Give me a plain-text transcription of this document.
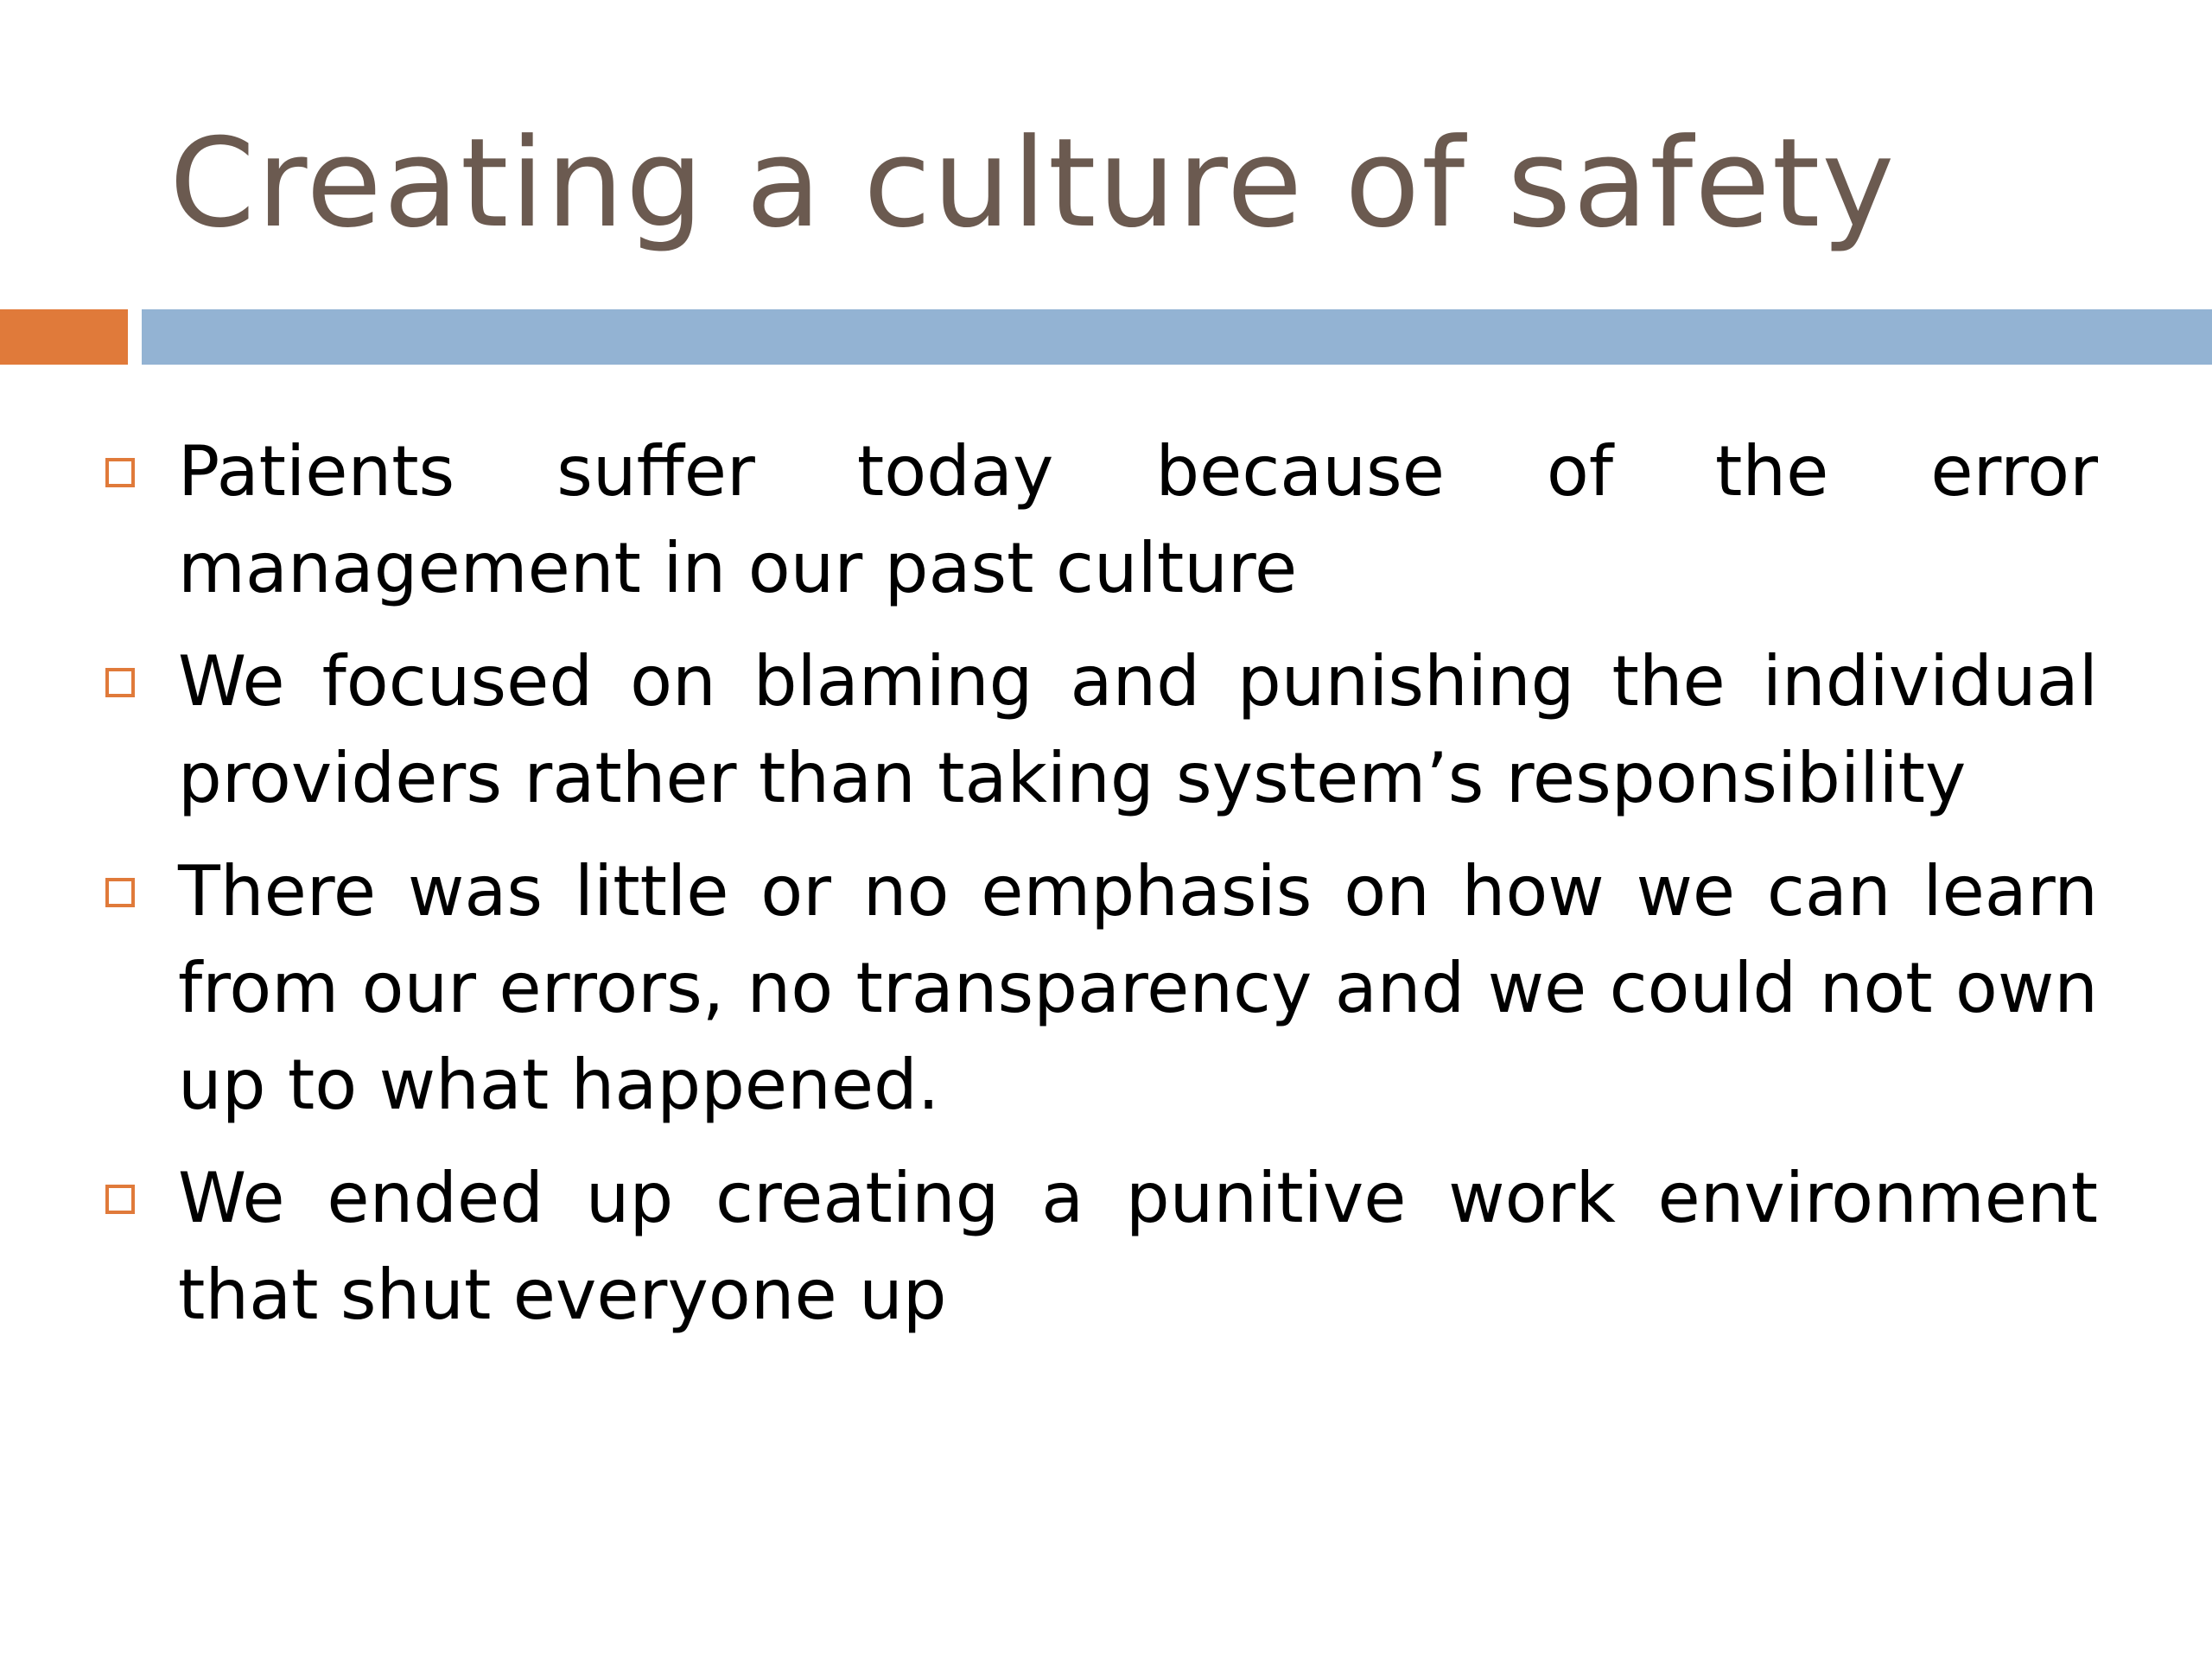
Creating a culture of safety
Patients suffer today because of the error management in our past culture
We focused on blaming and punishing the individual providers rather than taking system’s responsibility
There was little or no emphasis on how we can learn from our errors, no transparency and we could not own up to what happened.
We ended up creating a punitive work environment that shut everyone up
